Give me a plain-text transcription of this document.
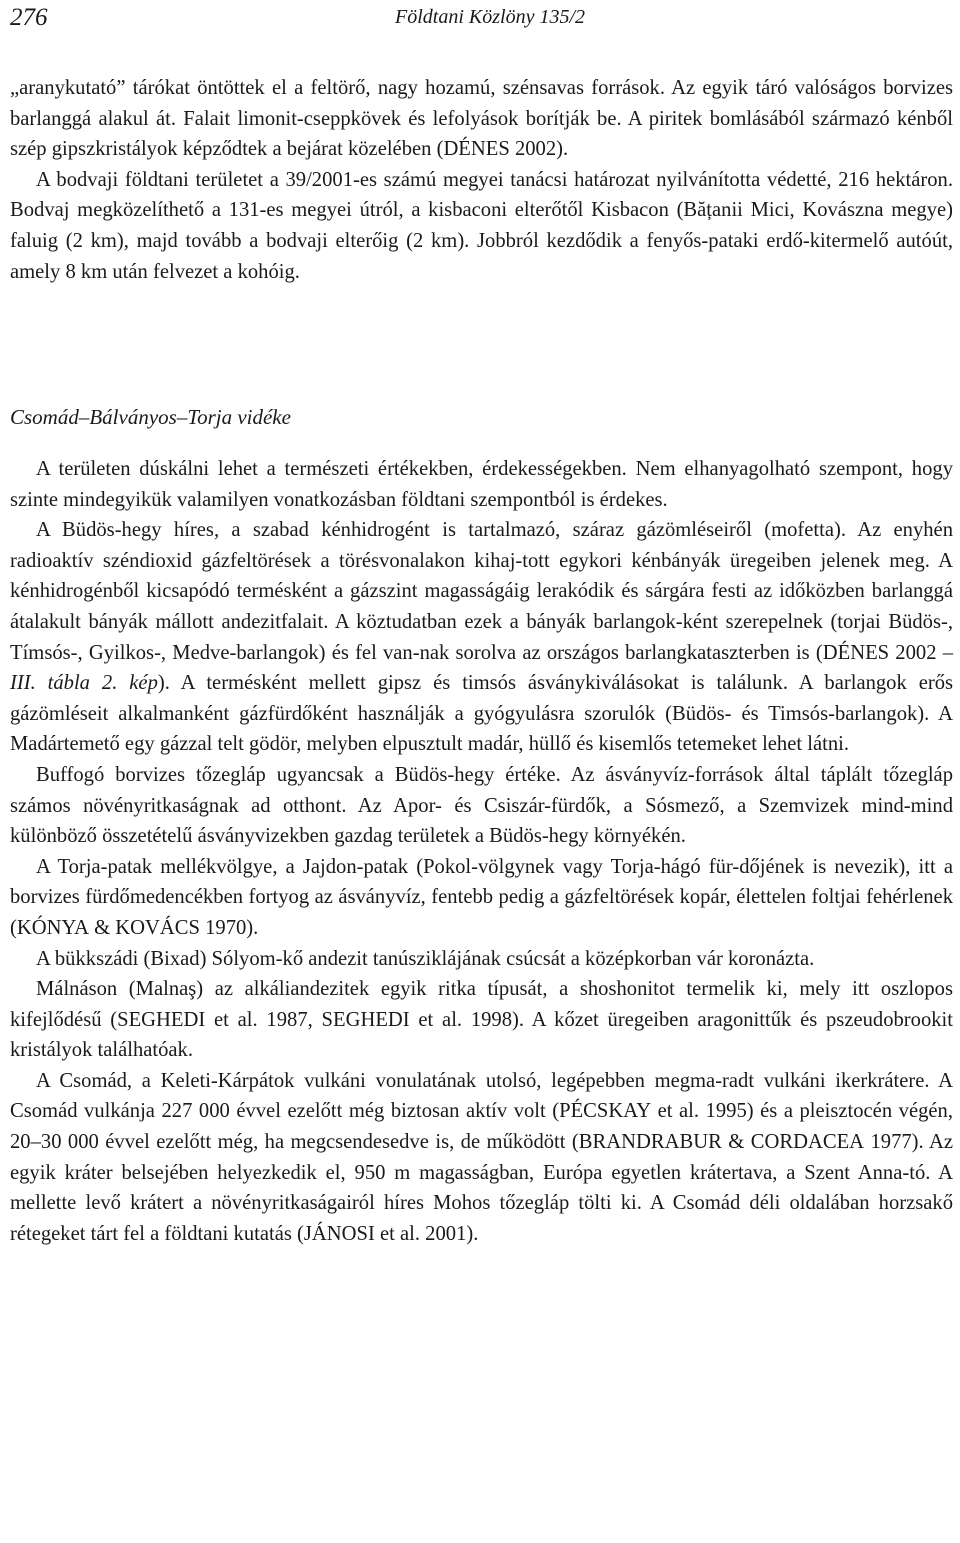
276	Földtani Közlöny 135/2

„aranykutató” tárókat öntöttek el a feltörő, nagy hozamú, szénsavas források. Az egyik táró valóságos borvizes barlanggá alakul át. Falait limonit-cseppkövek és lefolyások borítják be. A piritek bomlásából származó kénből szép gipszkristályok képződtek a bejárat közelében (DÉNES 2002).

A bodvaji földtani területet a 39/2001-es számú megyei tanácsi határozat nyilvánította védetté, 216 hektáron. Bodvaj megközelíthető a 131-es megyei útról, a kisbaconi elterőtől Kisbacon (Bățanii Mici, Kovászna megye) faluig (2 km), majd tovább a bodvaji elterőig (2 km). Jobbról kezdődik a fenyős-pataki erdő-kitermelő autóút, amely 8 km után felvezet a kohóig.

Csomád–Bálványos–Torja vidéke

A területen dúskálni lehet a természeti értékekben, érdekességekben. Nem elhanyagolható szempont, hogy szinte mindegyikük valamilyen vonatkozásban földtani szempontból is érdekes.

A Büdös-hegy híres, a szabad kénhidrogént is tartalmazó, száraz gázömléseiről (mofetta). Az enyhén radioaktív széndioxid gázfeltörések a törésvonalakon kihaj-tott egykori kénbányák üregeiben jelenek meg. A kénhidrogénből kicsapódó termésként a gázszint magasságáig lerakódik és sárgára festi az időközben barlanggá átalakult bányák mállott andezitfalait. A köztudatban ezek a bányák barlangok-ként szerepelnek (torjai Büdös-, Tímsós-, Gyilkos-, Medve-barlangok) és fel van-nak sorolva az országos barlangkataszterben is (DÉNES 2002 – III. tábla 2. kép). A termésként mellett gipsz és timsós ásványkiválásokat is találunk. A barlangok erős gázömléseit alkalmanként gázfürdőként használják a gyógyulásra szorulók (Büdös- és Timsós-barlangok). A Madártemető egy gázzal telt gödör, melyben elpusztult madár, hüllő és kisemlős tetemeket lehet látni.

Buffogó borvizes tőzegláp ugyancsak a Büdös-hegy értéke. Az ásványvíz-források által táplált tőzegláp számos növényritkaságnak ad otthont. Az Apor- és Csiszár-fürdők, a Sósmező, a Szemvizek mind-mind különböző összetételű ásványvizekben gazdag területek a Büdös-hegy környékén.

A Torja-patak mellékvölgye, a Jajdon-patak (Pokol-völgynek vagy Torja-hágó für-dőjének is nevezik), itt a borvizes fürdőmedencékben fortyog az ásványvíz, fentebb pedig a gázfeltörések kopár, élettelen foltjai fehérlenek (KÓNYA & KOVÁCS 1970).

A bükkszádi (Bixad) Sólyom-kő andezit tanúsziklájának csúcsát a középkorban vár koronázta.

Málnáson (Malnaş) az alkáliandezitek egyik ritka típusát, a shoshonitot termelik ki, mely itt oszlopos kifejlődésű (SEGHEDI et al. 1987, SEGHEDI et al. 1998). A kőzet üregeiben aragonittűk és pszeudobrookit kristályok találhatóak.

A Csomád, a Keleti-Kárpátok vulkáni vonulatának utolsó, legépebben megma-radt vulkáni ikerkrátere. A Csomád vulkánja 227 000 évvel ezelőtt még biztosan aktív volt (PÉCSKAY et al. 1995) és a pleisztocén végén, 20–30 000 évvel ezelőtt még, ha megcsendesedve is, de működött (BRANDRABUR & CORDACEA 1977). Az egyik kráter belsejében helyezkedik el, 950 m magasságban, Európa egyetlen krátertava, a Szent Anna-tó. A mellette levő krátert a növényritkaságairól híres Mohos tőzegláp tölti ki. A Csomád déli oldalában horzsakő rétegeket tárt fel a földtani kutatás (JÁNOSI et al. 2001).
